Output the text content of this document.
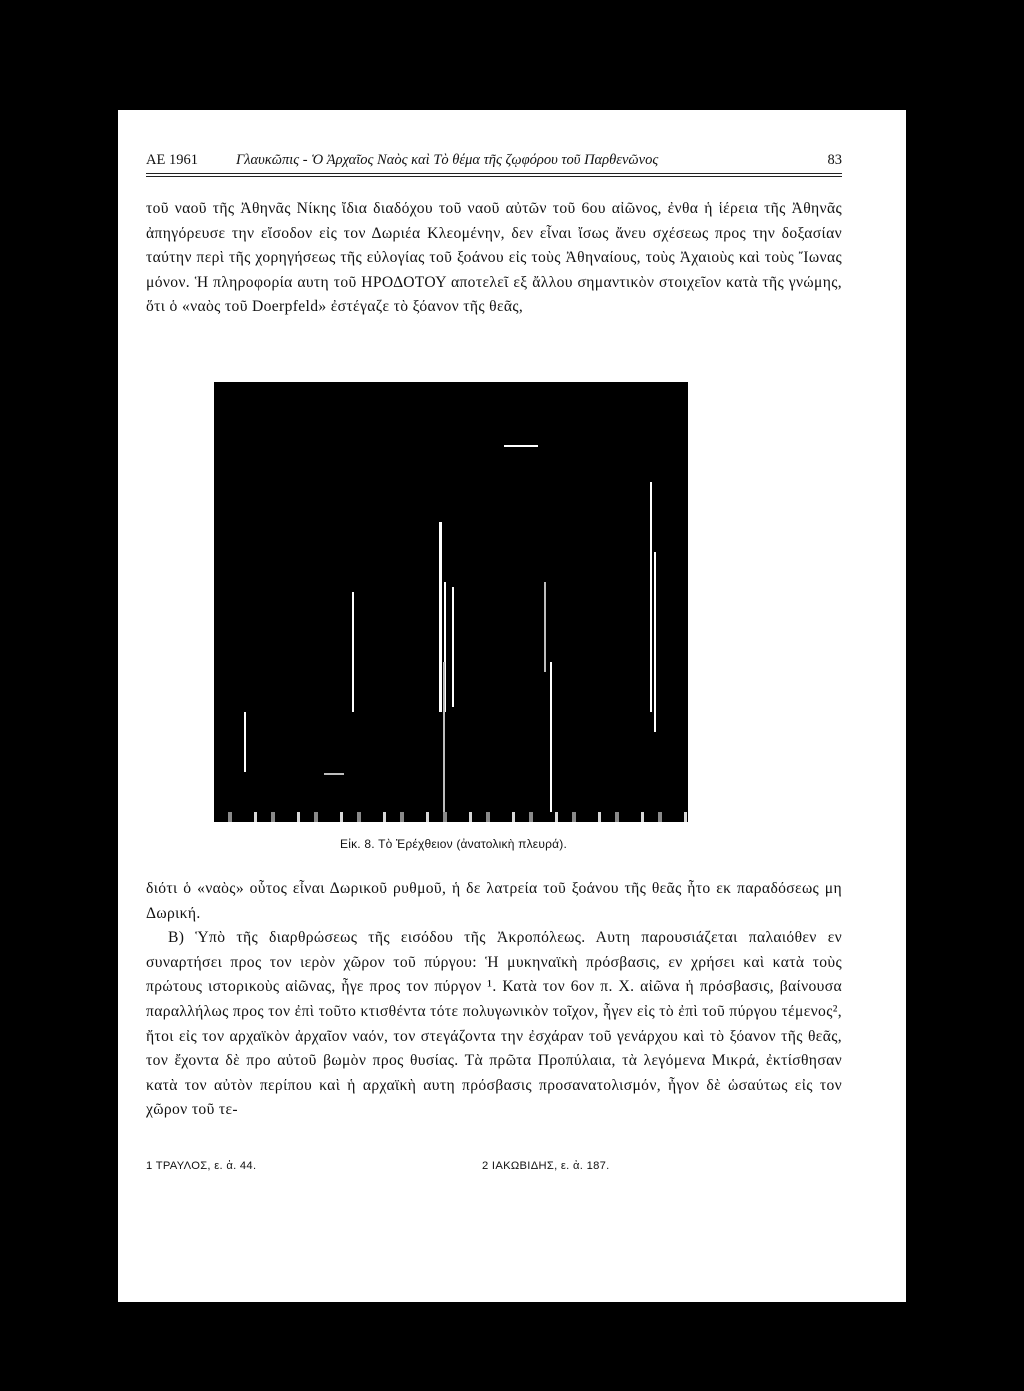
ΑΕ 1961	Γλαυκῶπις - Ὁ Ἀρχαῖος Ναὸς καὶ Τὸ θέμα τῆς ζῳφόρου τοῦ Παρθενῶνος	83

τοῦ ναοῦ τῆς Ἀθηνᾶς Νίκης ἴδια διαδόχου τοῦ ναοῦ αὐτῶν τοῦ 6ου αἰῶνος, ἐνθα ἡ ἱέρεια τῆς Ἀθηνᾶς ἀπηγόρευσε την εἴσοδον εἰς τον Δωριέα Κλεομένην, δεν εἶναι ἴσως ἄνευ σχέσεως προς την δοξασίαν ταύτην περὶ τῆς χορηγήσεως τῆς εὐλογίας τοῦ ξοάνου εἰς τοὺς Ἀθηναίους, τοὺς Ἀχαιοὺς καὶ τοὺς Ἴωνας μόνον. Ἡ πληροφορία αυτη τοῦ ΗΡΟΔΟΤΟΥ αποτελεῖ εξ ἄλλου σημαντικὸν στοιχεῖον κατὰ τῆς γνώμης, ὅτι ὁ «ναὸς τοῦ Doerpfeld» ἐστέγαζε τὸ ξόανον τῆς θεᾶς,

Εἰκ. 8. Τὸ Ἐρέχθειον (ἀνατολικὴ πλευρά).

διότι ὁ «ναὸς» οὗτος εἶναι Δωρικοῦ ρυθμοῦ, ἡ δε λατρεία τοῦ ξοάνου τῆς θεᾶς ἦτο εκ παραδόσεως μη Δωρική.

Β) Ὑπὸ τῆς διαρθρώσεως τῆς εισόδου τῆς Ἀκροπόλεως. Αυτη παρουσιάζεται παλαιόθεν εν συναρτήσει προς τον ιερὸν χῶρον τοῦ πύργου: Ἡ μυκηναϊκὴ πρόσβασις, εν χρήσει καὶ κατὰ τοὺς πρώτους ιστορικοὺς αἰῶνας, ἦγε προς τον πύργον ¹. Κατὰ τον 6ον π. Χ. αἰῶνα ἡ πρόσβασις, βαίνουσα παραλλήλως προς τον ἐπὶ τοῦτο κτισθέντα τότε πολυγωνικὸν τοῖχον, ἦγεν εἰς τὸ ἐπὶ τοῦ πύργου τέμενος², ἤτοι εἰς τον αρχαϊκὸν ἀρχαῖον ναόν, τον στεγάζοντα την ἐσχάραν τοῦ γενάρχου καὶ τὸ ξόανον τῆς θεᾶς, τον ἔχοντα δὲ προ αὐτοῦ βωμὸν προς θυσίας. Τὰ πρῶτα Προπύλαια, τὰ λεγόμενα Μικρά, ἐκτίσθησαν κατὰ τον αὐτὸν περίπου καὶ ἡ αρχαϊκὴ αυτη πρόσβασις προσανατολισμόν, ἦγον δὲ ὡσαύτως εἰς τον χῶρον τοῦ τε-

1 ΤΡΑΥΛΟΣ, ε. ἀ. 44.	2 ΙΑΚΩΒΙΔΗΣ, ε. ἀ. 187.
